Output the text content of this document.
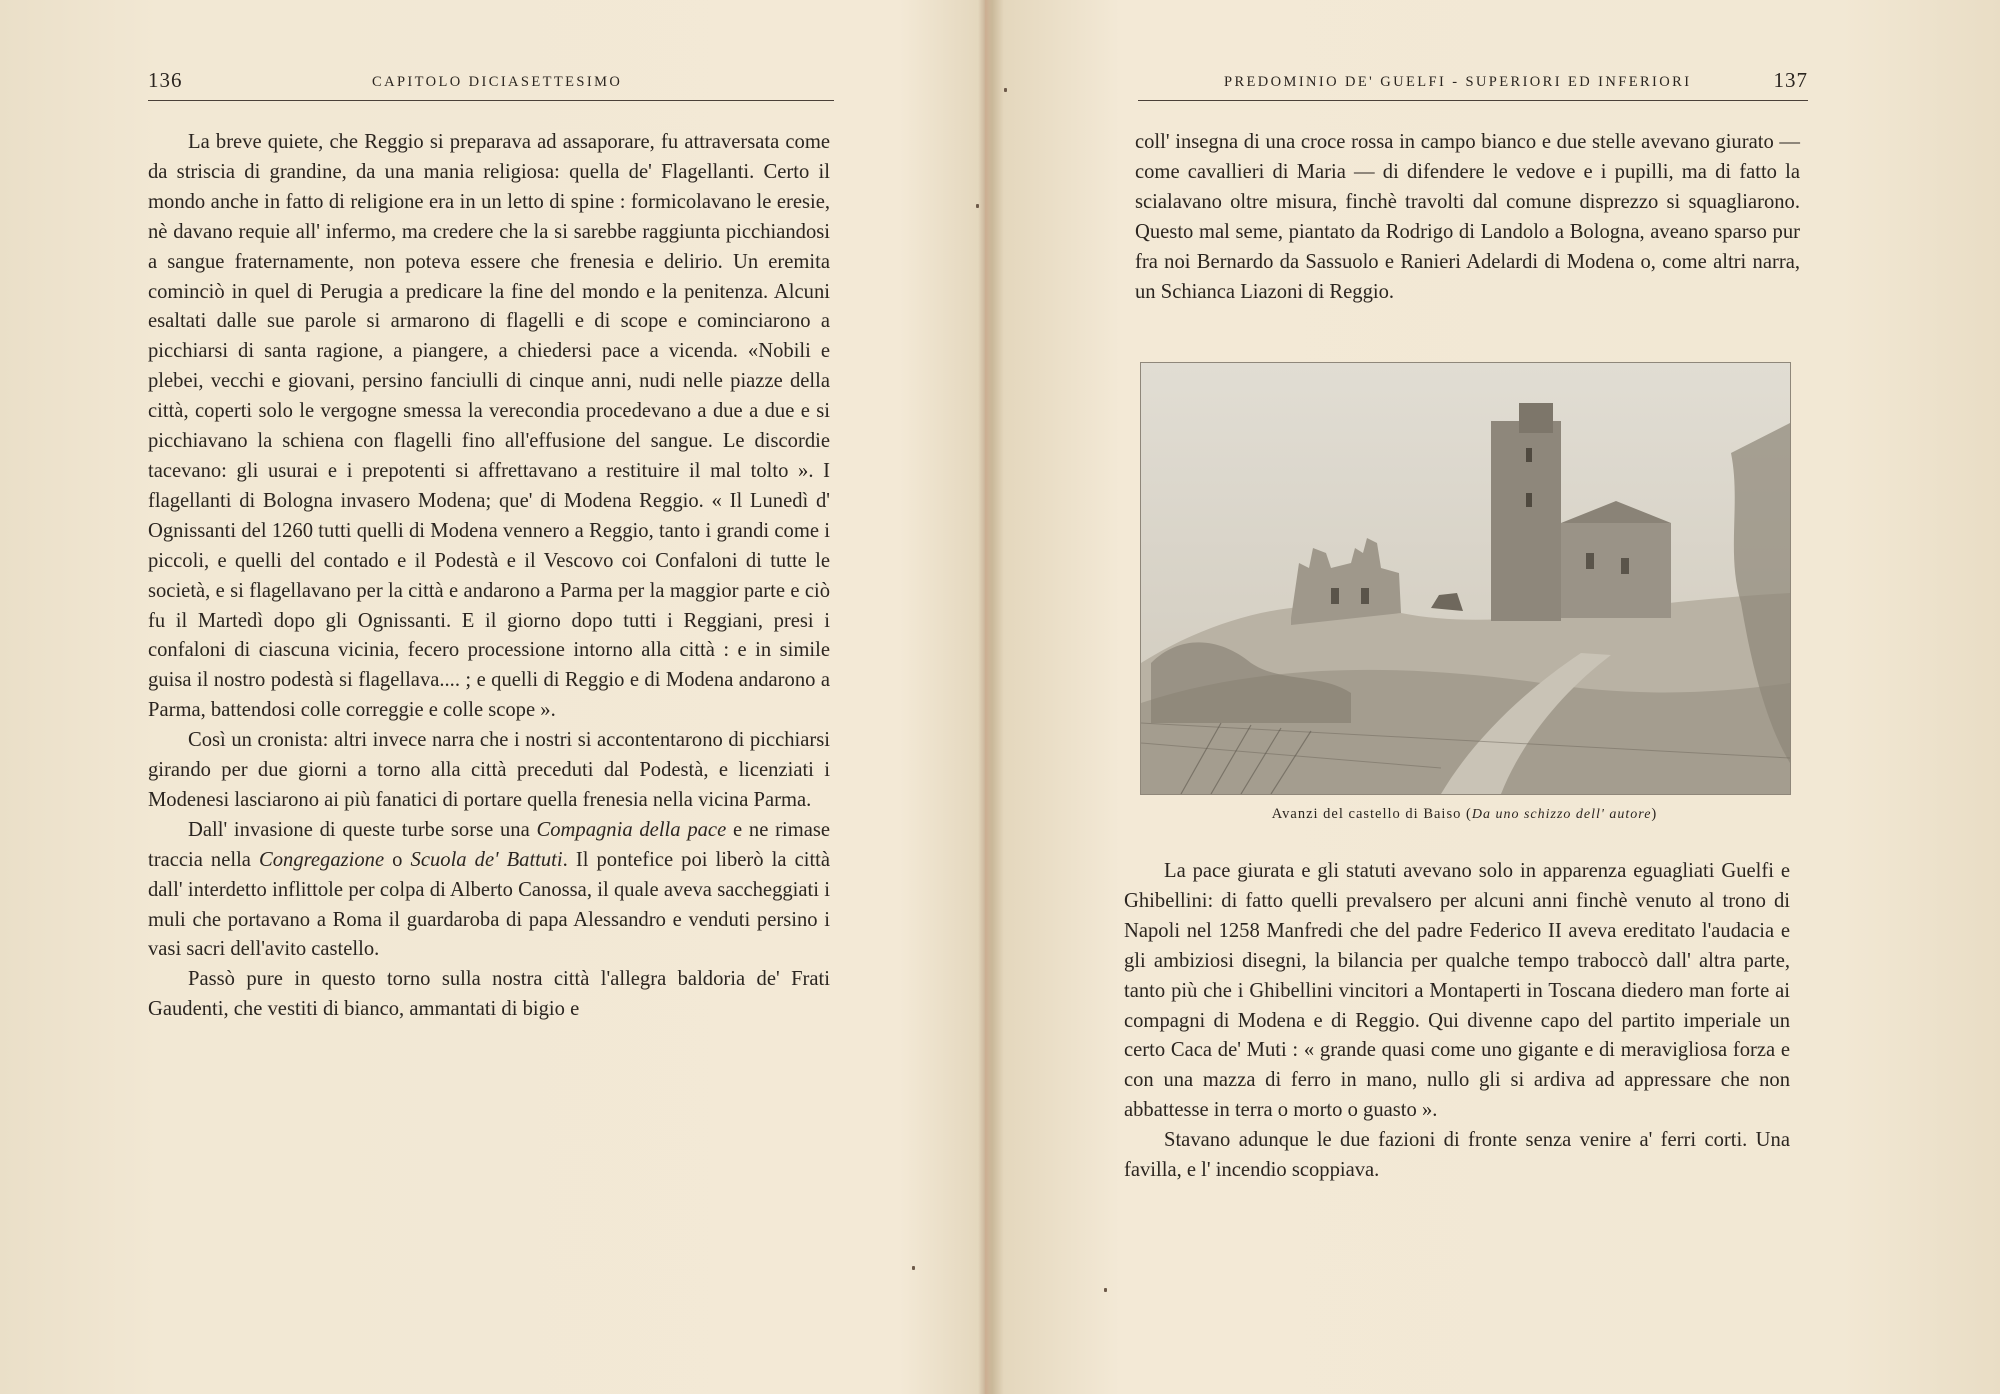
136	CAPITOLO DICIASETTESIMO

La breve quiete, che Reggio si preparava ad assaporare, fu attraversata come da striscia di grandine, da una mania religiosa: quella de' Flagellanti. Certo il mondo anche in fatto di religione era in un letto di spine : formicolavano le eresie, nè davano requie all' infermo, ma credere che la si sarebbe raggiunta picchiandosi a sangue fraternamente, non poteva essere che frenesia e delirio. Un eremita cominciò in quel di Perugia a predicare la fine del mondo e la penitenza. Alcuni esaltati dalle sue parole si armarono di flagelli e di scope e cominciarono a picchiarsi di santa ragione, a piangere, a chiedersi pace a vicenda. «Nobili e plebei, vecchi e giovani, persino fanciulli di cinque anni, nudi nelle piazze della città, coperti solo le vergogne smessa la verecondia procedevano a due a due e si picchiavano la schiena con flagelli fino all'effusione del sangue. Le discordie tacevano: gli usurai e i prepotenti si affrettavano a restituire il mal tolto ». I flagellanti di Bologna invasero Modena; que' di Modena Reggio. « Il Lunedì d' Ognissanti del 1260 tutti quelli di Modena vennero a Reggio, tanto i grandi come i piccoli, e quelli del contado e il Podestà e il Vescovo coi Confaloni di tutte le società, e si flagellavano per la città e andarono a Parma per la maggior parte e ciò fu il Martedì dopo gli Ognissanti. E il giorno dopo tutti i Reggiani, presi i confaloni di ciascuna vicinia, fecero processione intorno alla città : e in simile guisa il nostro podestà si flagellava.... ; e quelli di Reggio e di Modena andarono a Parma, battendosi colle correggie e colle scope ».

Così un cronista: altri invece narra che i nostri si accontentarono di picchiarsi girando per due giorni a torno alla città preceduti dal Podestà, e licenziati i Modenesi lasciarono ai più fanatici di portare quella frenesia nella vicina Parma.

Dall' invasione di queste turbe sorse una Compagnia della pace e ne rimase traccia nella Congregazione o Scuola de' Battuti. Il pontefice poi liberò la città dall' interdetto inflittole per colpa di Alberto Canossa, il quale aveva saccheggiati i muli che portavano a Roma il guardaroba di papa Alessandro e venduti persino i vasi sacri dell'avito castello.

Passò pure in questo torno sulla nostra città l'allegra baldoria de' Frati Gaudenti, che vestiti di bianco, ammantati di bigio e

PREDOMINIO DE' GUELFI - SUPERIORI ED INFERIORI	137

coll' insegna di una croce rossa in campo bianco e due stelle avevano giurato — come cavallieri di Maria — di difendere le vedove e i pupilli, ma di fatto la scialavano oltre misura, finchè travolti dal comune disprezzo si squagliarono. Questo mal seme, piantato da Rodrigo di Landolo a Bologna, aveano sparso pur fra noi Bernardo da Sassuolo e Ranieri Adelardi di Modena o, come altri narra, un Schianca Liazoni di Reggio.

Avanzi del castello di Baiso (Da uno schizzo dell' autore)

La pace giurata e gli statuti avevano solo in apparenza eguagliati Guelfi e Ghibellini: di fatto quelli prevalsero per alcuni anni finchè venuto al trono di Napoli nel 1258 Manfredi che del padre Federico II aveva ereditato l'audacia e gli ambiziosi disegni, la bilancia per qualche tempo traboccò dall' altra parte, tanto più che i Ghibellini vincitori a Montaperti in Toscana diedero man forte ai compagni di Modena e di Reggio. Qui divenne capo del partito imperiale un certo Caca de' Muti : « grande quasi come uno gigante e di meravigliosa forza e con una mazza di ferro in mano, nullo gli si ardiva ad appressare che non abbattesse in terra o morto o guasto ».

Stavano adunque le due fazioni di fronte senza venire a' ferri corti. Una favilla, e l' incendio scoppiava.
